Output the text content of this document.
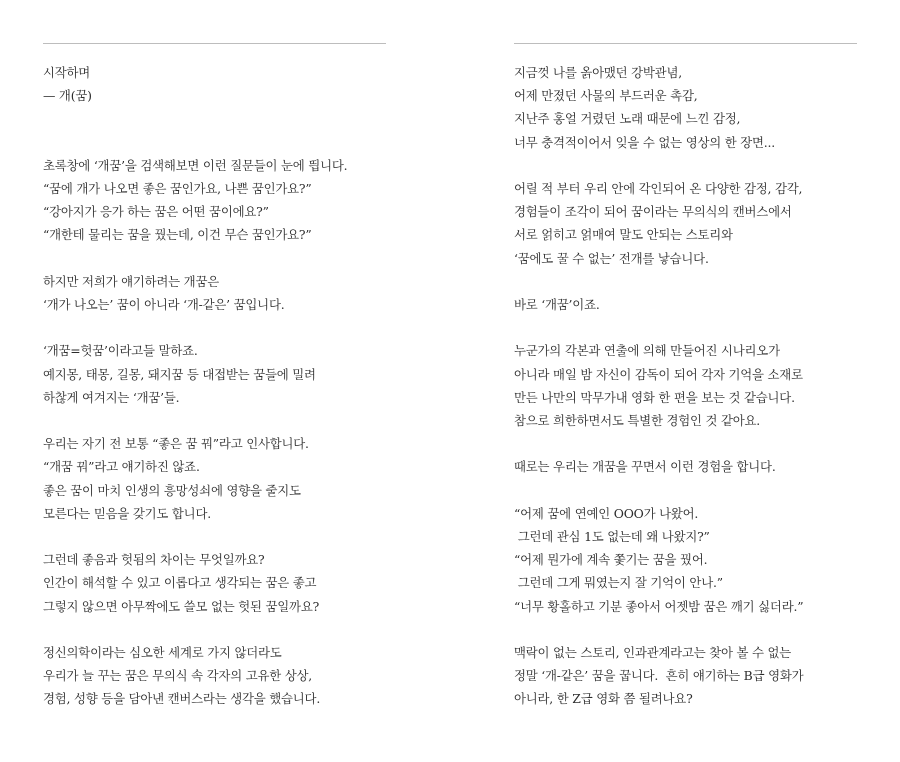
시작하며
— 개(꿈)
초록창에 ‘개꿈’을 검색해보면 이런 질문들이 눈에 띕니다.
“꿈에 개가 나오면 좋은 꿈인가요, 나쁜 꿈인가요?”
“강아지가 응가 하는 꿈은 어떤 꿈이에요?”
“개한테 물리는 꿈을 꿨는데, 이건 무슨 꿈인가요?”
하지만 저희가 얘기하려는 개꿈은
‘개가 나오는’ 꿈이 아니라 ‘개-같은’ 꿈입니다.
‘개꿈=헛꿈’이라고들 말하죠.
예지몽, 태몽, 길몽, 돼지꿈 등 대접받는 꿈들에 밀려
하찮게 여겨지는 ‘개꿈’들.
우리는 자기 전 보통 “좋은 꿈 꿔”라고 인사합니다.
“개꿈 꿔”라고 얘기하진 않죠.
좋은 꿈이 마치 인생의 흥망성쇠에 영향을 줄지도
모른다는 믿음을 갖기도 합니다.
그런데 좋음과 헛됨의 차이는 무엇일까요?
인간이 해석할 수 있고 이롭다고 생각되는 꿈은 좋고
그렇지 않으면 아무짝에도 쓸모 없는 헛된 꿈일까요?
정신의학이라는 심오한 세계로 가지 않더라도
우리가 늘 꾸는 꿈은 무의식 속 각자의 고유한 상상,
경험, 성향 등을 담아낸 캔버스라는 생각을 했습니다.
지금껏 나를 옭아맸던 강박관념,
어제 만졌던 사물의 부드러운 촉감,
지난주 홍얼 거렸던 노래 때문에 느낀 감정,
너무 충격적이어서 잊을 수 없는 영상의 한 장면...
어릴 적 부터 우리 안에 각인되어 온 다양한 감정, 감각,
경험들이 조각이 되어 꿈이라는 무의식의 캔버스에서
서로 얽히고 얽매여 말도 안되는 스토리와
‘꿈에도 꿀 수 없는’ 전개를 낳습니다.
바로 ‘개꿈’이죠.
누군가의 각본과 연출에 의해 만들어진 시나리오가
아니라 매일 밤 자신이 감독이 되어 각자 기억을 소재로
만든 나만의 막무가내 영화 한 편을 보는 것 같습니다.
참으로 희한하면서도 특별한 경험인 것 같아요.
때로는 우리는 개꿈을 꾸면서 이런 경험을 합니다.
“어제 꿈에 연예인 OOO가 나왔어.
그런데 관심 1도 없는데 왜 나왔지?”
“어제 뭔가에 계속 쫓기는 꿈을 꿨어.
그런데 그게 뭐였는지 잘 기억이 안나.”
“너무 황홀하고 기분 좋아서 어젯밤 꿈은 깨기 싫더라.”
맥락이 없는 스토리, 인과관계라고는 찾아 볼 수 없는
정말 ‘개-같은’ 꿈을 꿉니다.  흔히 얘기하는 B급 영화가
아니라, 한 Z급 영화 쯤 될려나요?
